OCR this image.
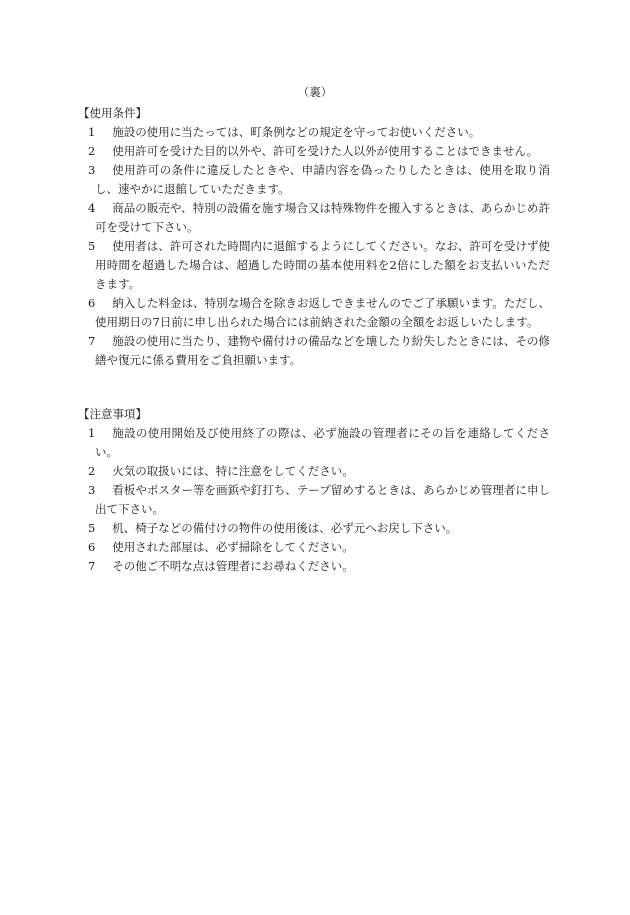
（裏）
【使用条件】
1	施設の使用に当たっては、町条例などの規定を守ってお使いください。
2	使用許可を受けた目的以外や、許可を受けた人以外が使用することはできません。
3	使用許可の条件に違反したときや、申請内容を偽ったりしたときは、使用を取り消し、速やかに退館していただきます。
4	商品の販売や、特別の設備を施す場合又は特殊物件を搬入するときは、あらかじめ許可を受けて下さい。
5	使用者は、許可された時間内に退館するようにしてください。なお、許可を受けず使用時間を超過した場合は、超過した時間の基本使用料を2倍にした額をお支払いいただきます。
6	納入した料金は、特別な場合を除きお返しできませんのでご了承願います。ただし、使用期日の7日前に申し出られた場合には前納された金額の全額をお返しいたします。
7	施設の使用に当たり、建物や備付けの備品などを壊したり紛失したときには、その修繕や復元に係る費用をご負担願います。
【注意事項】
1	施設の使用開始及び使用終了の際は、必ず施設の管理者にその旨を連絡してください。
2	火気の取扱いには、特に注意をしてください。
3	看板やポスター等を画鋲や釘打ち、テープ留めするときは、あらかじめ管理者に申し出て下さい。
5	机、椅子などの備付けの物件の使用後は、必ず元へお戻し下さい。
6	使用された部屋は、必ず掃除をしてください。
7	その他ご不明な点は管理者にお尋ねください。
